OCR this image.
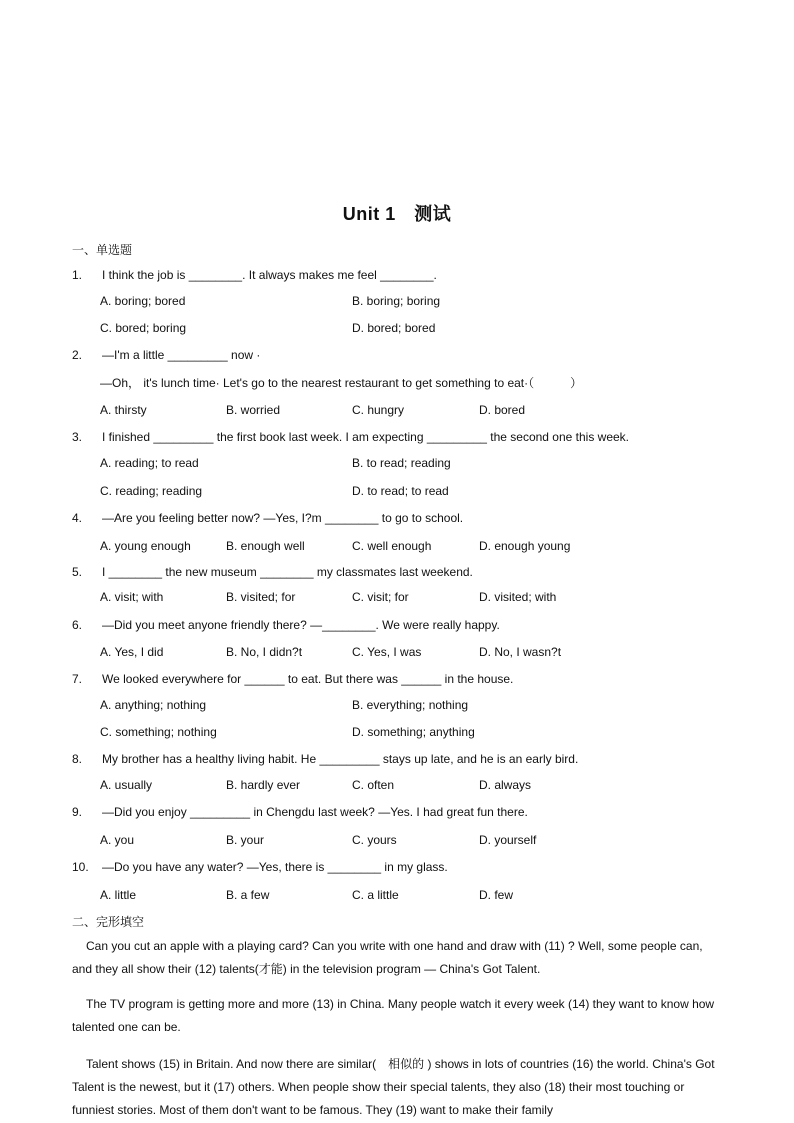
Unit 1　测试
一、单选题
1. I think the job is ________. It always makes me feel ________.
A. boring; bored	B. boring; boring
C. bored; boring	D. bored; bored
2. —I'm a little _________ now ·
—Oh， it's lunch time· Let's go to the nearest restaurant to get something to eat·（　　　）
A. thirsty	B. worried	C. hungry	D. bored
3. I finished _________ the first book last week. I am expecting _________ the second one this week.
A. reading; to read	B. to read; reading
C. reading; reading	D. to read; to read
4. —Are you feeling better now? —Yes, I?m ________ to go to school.
A. young enough	B. enough well	C. well enough	D. enough young
5. I ________ the new museum ________ my classmates last weekend.
A. visit; with	B. visited; for	C. visit; for	D. visited; with
6. —Did you meet anyone friendly there? —________. We were really happy.
A. Yes, I did	B. No, I didn?t	C. Yes, I was	D. No, I wasn?t
7. We looked everywhere for ______ to eat. But there was ______ in the house.
A. anything; nothing	B. everything; nothing
C. something; nothing	D. something; anything
8. My brother has a healthy living habit. He _________ stays up late, and he is an early bird.
A. usually	B. hardly ever	C. often	D. always
9. —Did you enjoy _________ in Chengdu last week? —Yes. I had great fun there.
A. you	B. your	C. yours	D. yourself
10. —Do you have any water? —Yes, there is ________ in my glass.
A. little	B. a few	C. a little	D. few
二、完形填空
Can you cut an apple with a playing card? Can you write with one hand and draw with (11) ? Well, some people can, and they all show their (12) talents(才能) in the television program — China's Got Talent.
The TV program is getting more and more (13) in China. Many people watch it every week (14) they want to know how talented one can be.
Talent shows (15) in Britain. And now there are similar(　相似的 ) shows in lots of countries (16) the world. China's Got Talent is the newest, but it (17) others. When people show their special talents, they also (18) their most touching or funniest stories. Most of them don't want to be famous. They (19) want to make their family
